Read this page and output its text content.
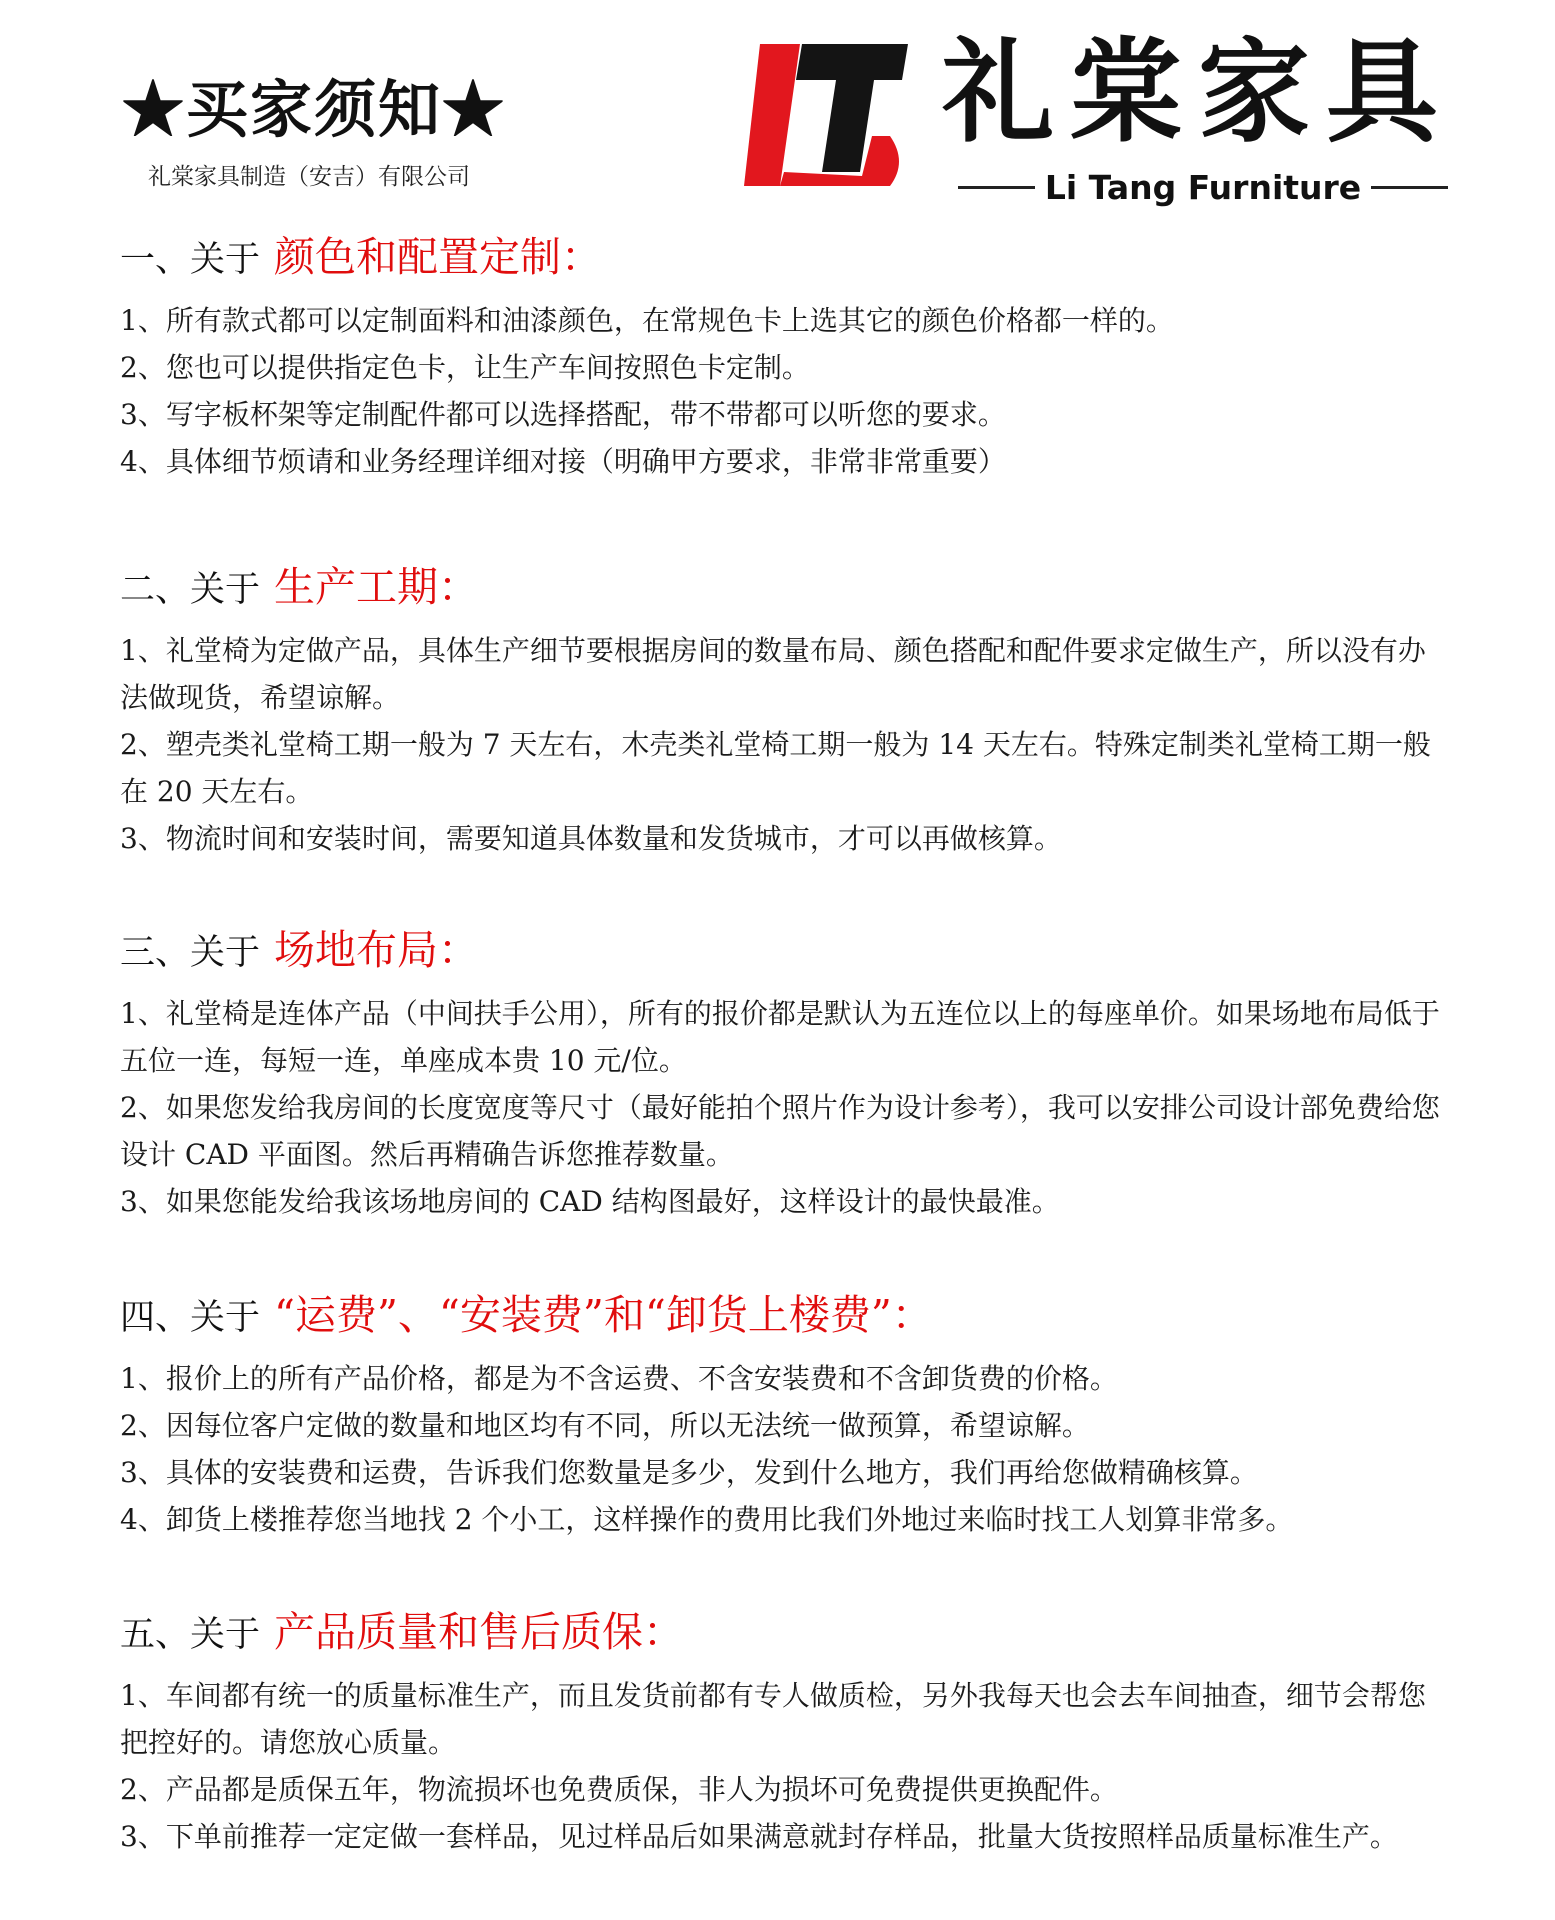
★买家须知★
礼棠家具制造（安吉）有限公司
礼棠家具
Li Tang Furniture
一、关于 颜色和配置定制：

1、所有款式都可以定制面料和油漆颜色，在常规色卡上选其它的颜色价格都一样的。

2、您也可以提供指定色卡，让生产车间按照色卡定制。

3、写字板杯架等定制配件都可以选择搭配，带不带都可以听您的要求。

4、具体细节烦请和业务经理详细对接（明确甲方要求，非常非常重要）

二、关于 生产工期：

1、礼堂椅为定做产品，具体生产细节要根据房间的数量布局、颜色搭配和配件要求定做生产，所以没有办法做现货，希望谅解。

2、塑壳类礼堂椅工期一般为 7 天左右，木壳类礼堂椅工期一般为 14 天左右。特殊定制类礼堂椅工期一般在 20 天左右。

3、物流时间和安装时间，需要知道具体数量和发货城市，才可以再做核算。

三、关于 场地布局：

1、礼堂椅是连体产品（中间扶手公用），所有的报价都是默认为五连位以上的每座单价。如果场地布局低于五位一连，每短一连，单座成本贵 10 元/位。

2、如果您发给我房间的长度宽度等尺寸（最好能拍个照片作为设计参考），我可以安排公司设计部免费给您设计 CAD 平面图。然后再精确告诉您推荐数量。

3、如果您能发给我该场地房间的 CAD 结构图最好，这样设计的最快最准。

四、关于 “运费”、“安装费”和“卸货上楼费”：

1、报价上的所有产品价格，都是为不含运费、不含安装费和不含卸货费的价格。

2、因每位客户定做的数量和地区均有不同，所以无法统一做预算，希望谅解。

3、具体的安装费和运费，告诉我们您数量是多少，发到什么地方，我们再给您做精确核算。

4、卸货上楼推荐您当地找 2 个小工，这样操作的费用比我们外地过来临时找工人划算非常多。

五、关于 产品质量和售后质保：

1、车间都有统一的质量标准生产，而且发货前都有专人做质检，另外我每天也会去车间抽查，细节会帮您把控好的。请您放心质量。

2、产品都是质保五年，物流损坏也免费质保，非人为损坏可免费提供更换配件。

3、下单前推荐一定定做一套样品，见过样品后如果满意就封存样品，批量大货按照样品质量标准生产。
